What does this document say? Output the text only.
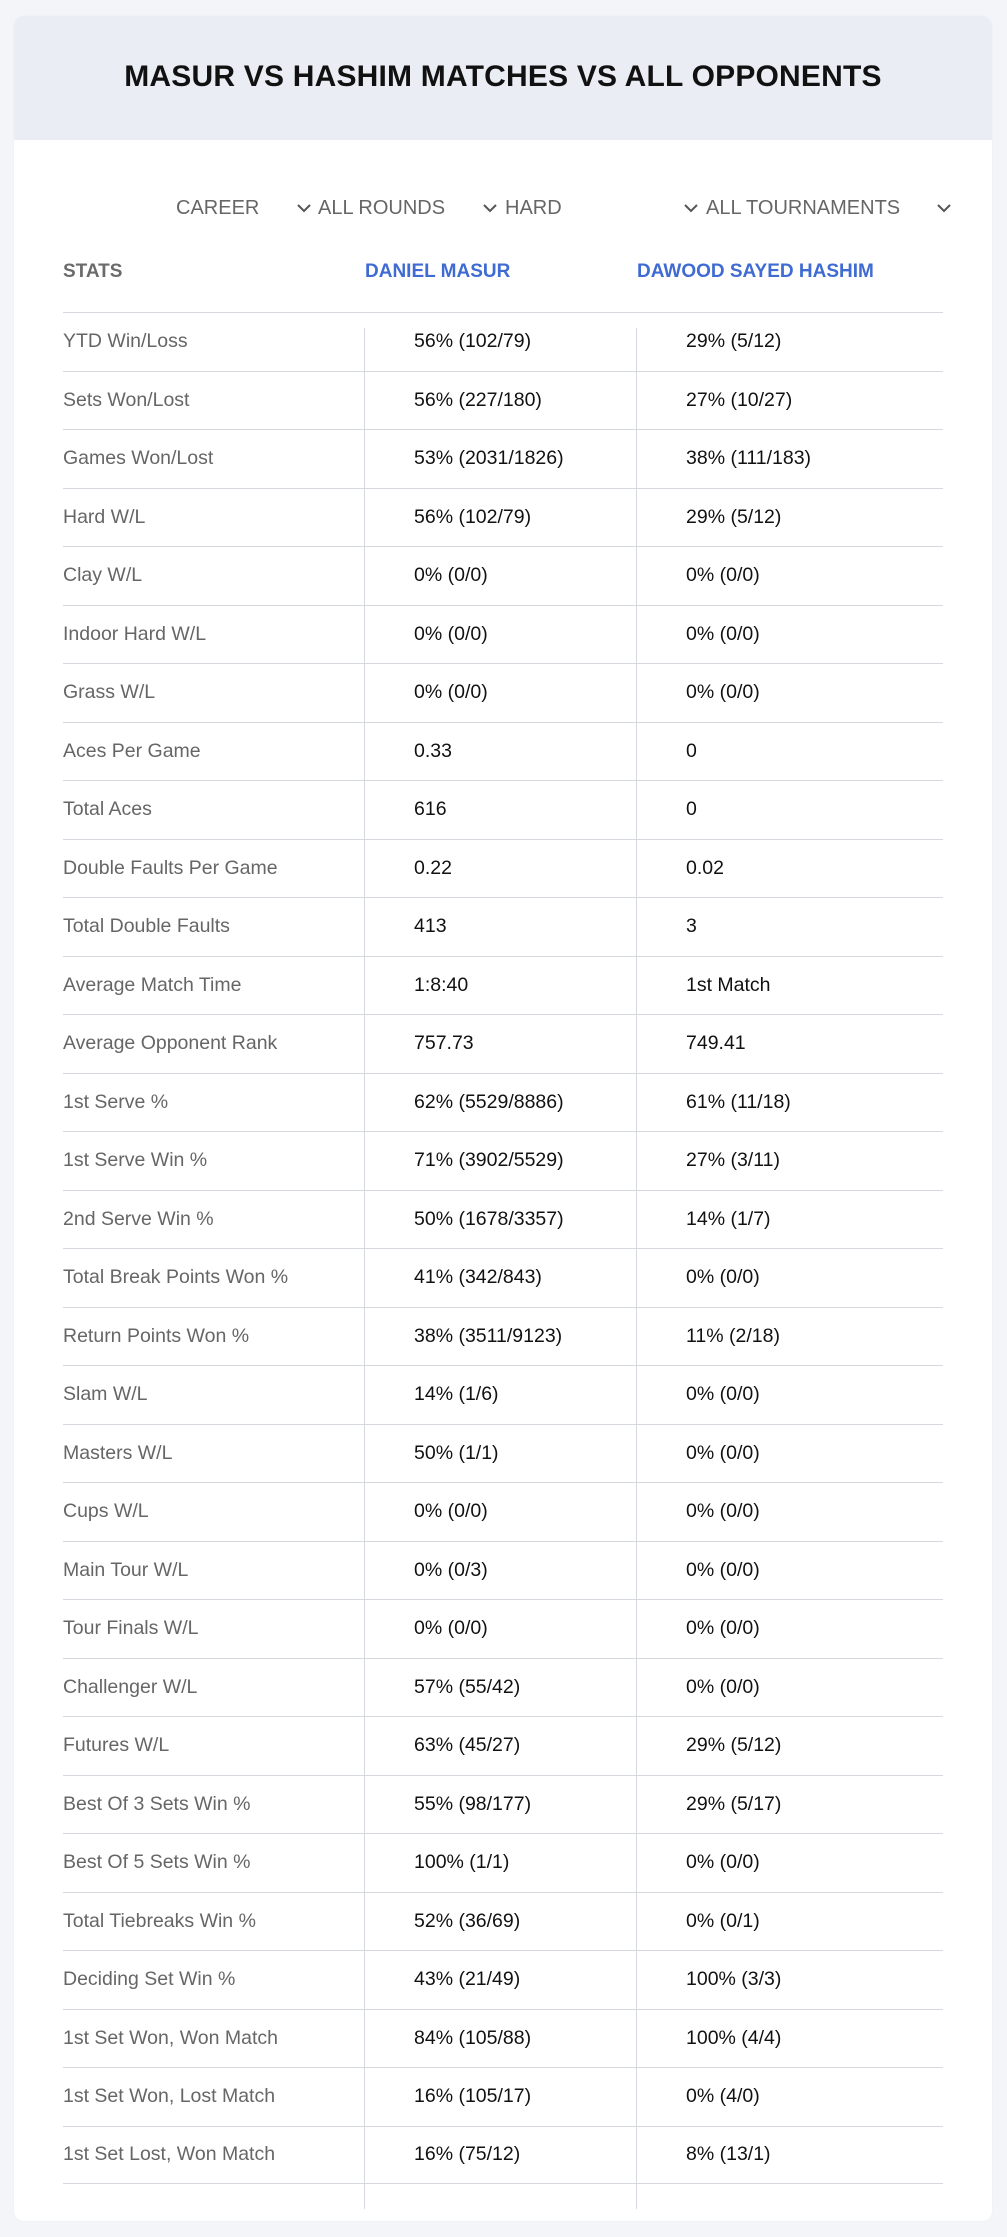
MASUR VS HASHIM MATCHES VS ALL OPPONENTS
CAREER	ALL ROUNDS	HARD	ALL TOURNAMENTS
STATS	DANIEL MASUR	DAWOOD SAYED HASHIM
YTD Win/Loss	56% (102/79)	29% (5/12)
Sets Won/Lost	56% (227/180)	27% (10/27)
Games Won/Lost	53% (2031/1826)	38% (111/183)
Hard W/L	56% (102/79)	29% (5/12)
Clay W/L	0% (0/0)	0% (0/0)
Indoor Hard W/L	0% (0/0)	0% (0/0)
Grass W/L	0% (0/0)	0% (0/0)
Aces Per Game	0.33	0
Total Aces	616	0
Double Faults Per Game	0.22	0.02
Total Double Faults	413	3
Average Match Time	1:8:40	1st Match
Average Opponent Rank	757.73	749.41
1st Serve %	62% (5529/8886)	61% (11/18)
1st Serve Win %	71% (3902/5529)	27% (3/11)
2nd Serve Win %	50% (1678/3357)	14% (1/7)
Total Break Points Won %	41% (342/843)	0% (0/0)
Return Points Won %	38% (3511/9123)	11% (2/18)
Slam W/L	14% (1/6)	0% (0/0)
Masters W/L	50% (1/1)	0% (0/0)
Cups W/L	0% (0/0)	0% (0/0)
Main Tour W/L	0% (0/3)	0% (0/0)
Tour Finals W/L	0% (0/0)	0% (0/0)
Challenger W/L	57% (55/42)	0% (0/0)
Futures W/L	63% (45/27)	29% (5/12)
Best Of 3 Sets Win %	55% (98/177)	29% (5/17)
Best Of 5 Sets Win %	100% (1/1)	0% (0/0)
Total Tiebreaks Win %	52% (36/69)	0% (0/1)
Deciding Set Win %	43% (21/49)	100% (3/3)
1st Set Won, Won Match	84% (105/88)	100% (4/4)
1st Set Won, Lost Match	16% (105/17)	0% (4/0)
1st Set Lost, Won Match	16% (75/12)	8% (13/1)
